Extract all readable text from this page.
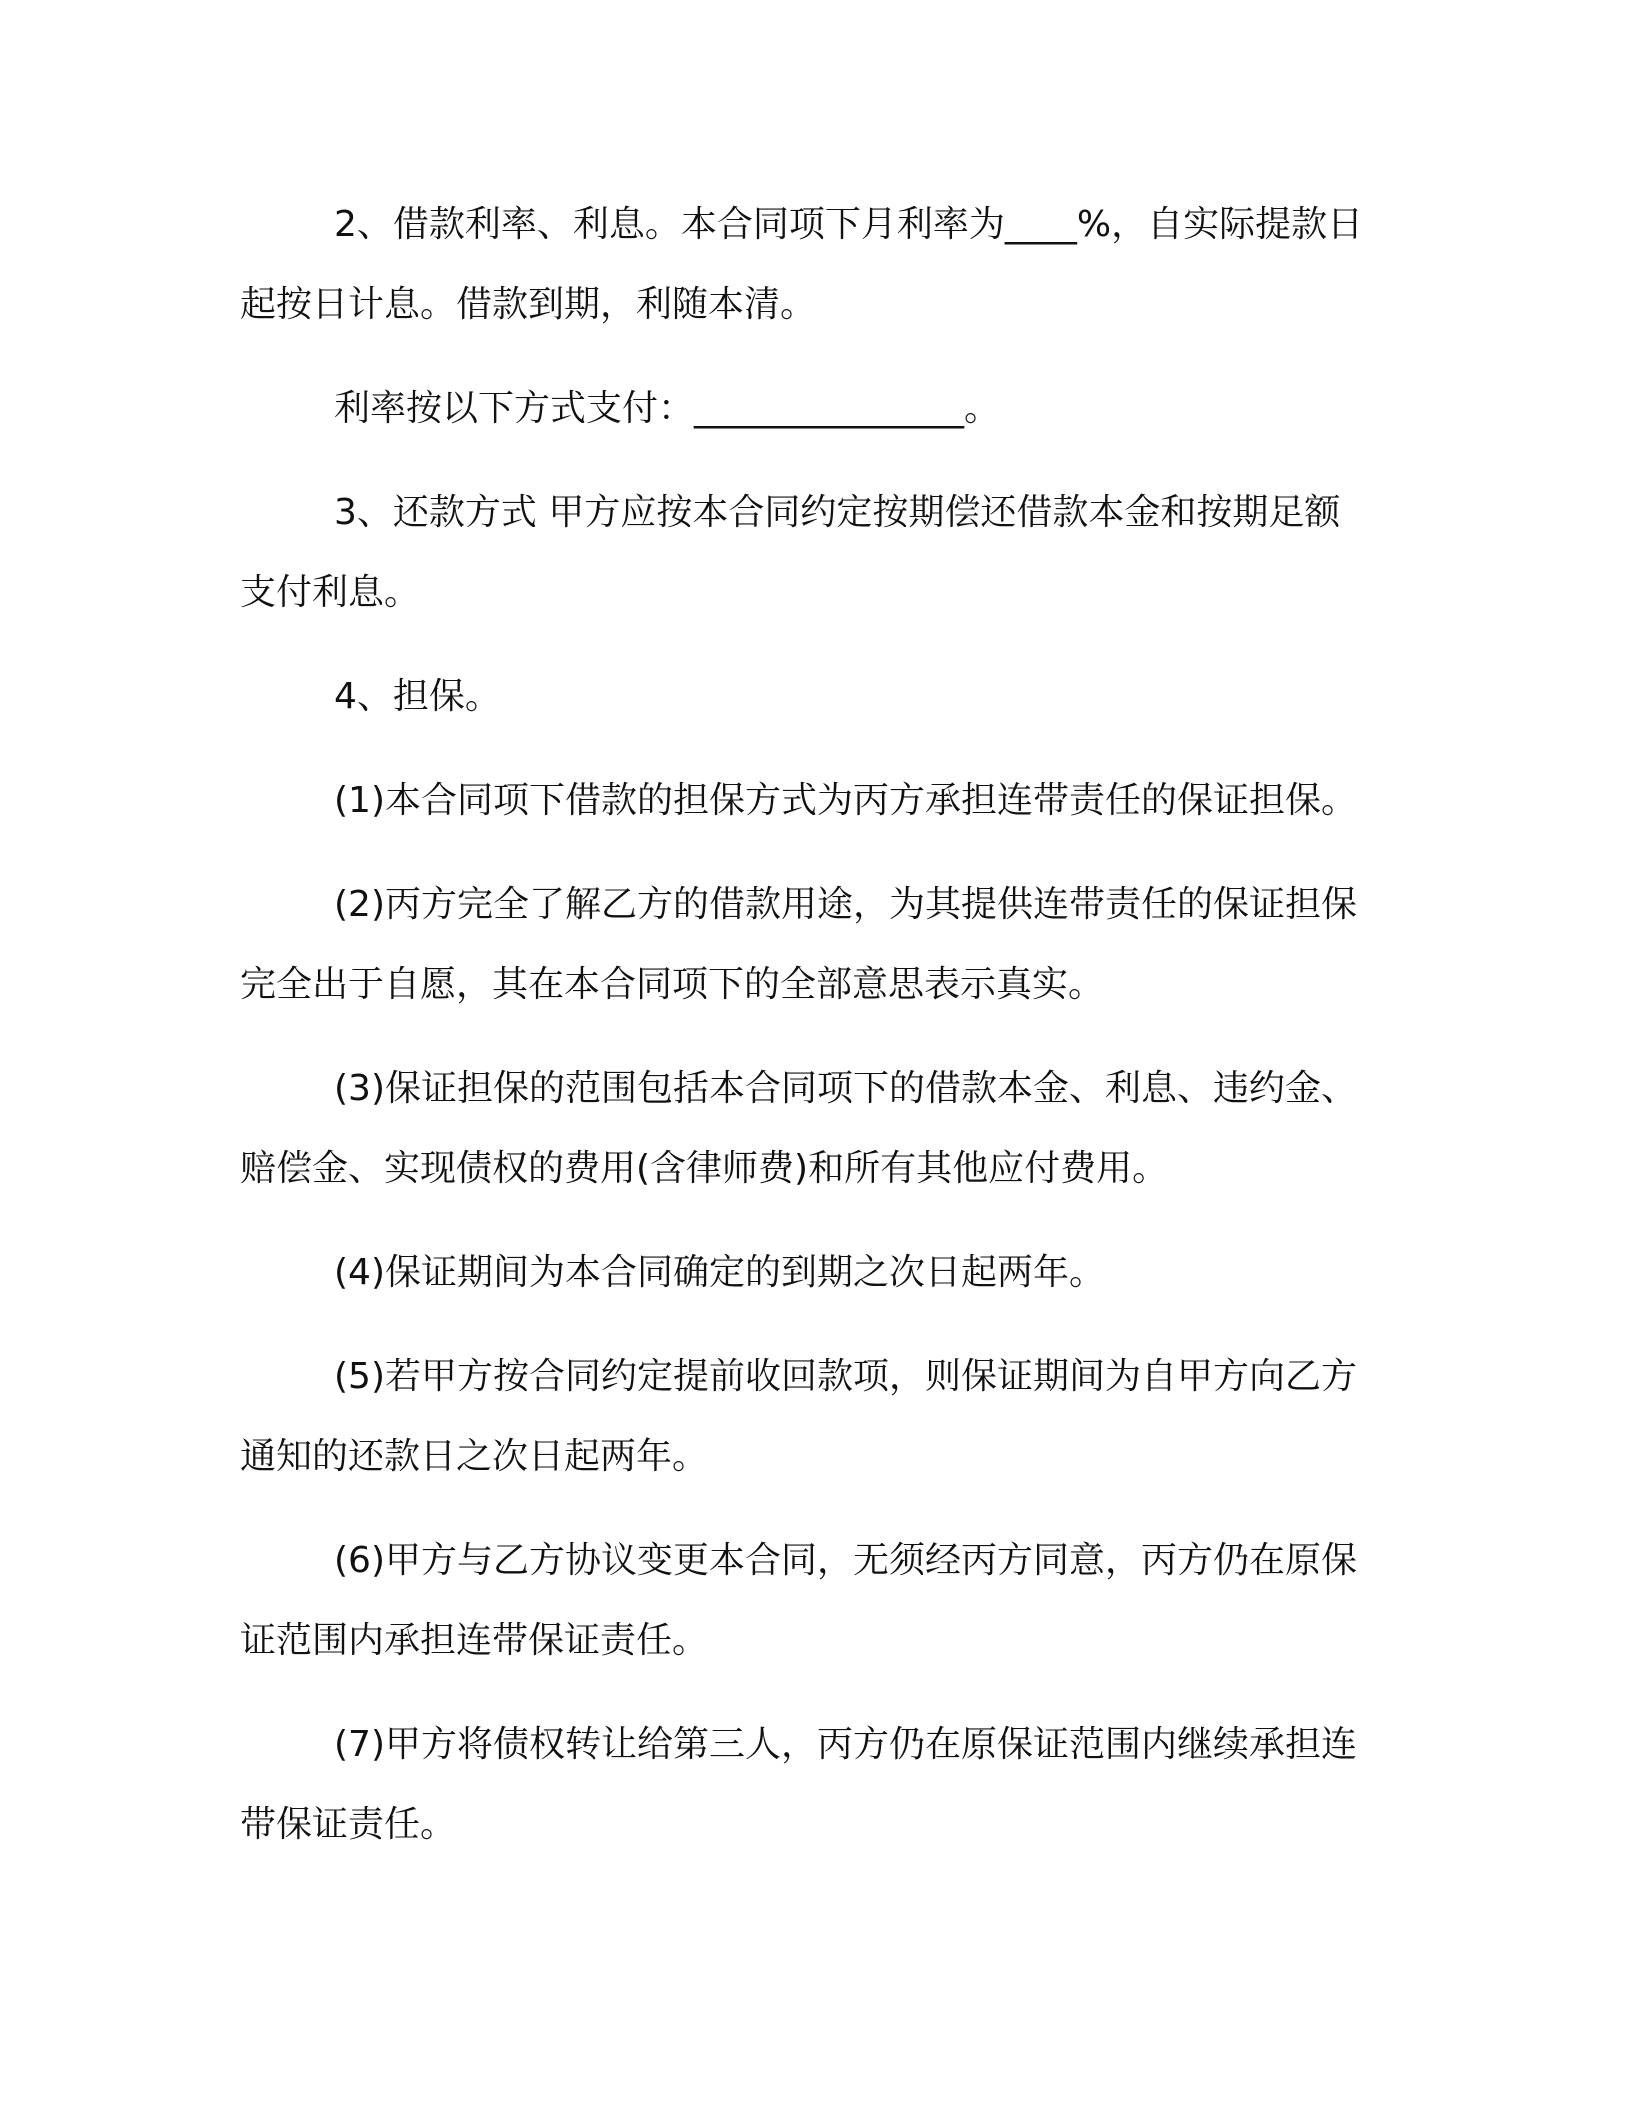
2、借款利率、利息。本合同项下月利率为____%，自实际提款日起按日计息。借款到期，利随本清。

利率按以下方式支付：_______________。

3、还款方式 甲方应按本合同约定按期偿还借款本金和按期足额支付利息。

4、担保。

(1)本合同项下借款的担保方式为丙方承担连带责任的保证担保。

(2)丙方完全了解乙方的借款用途，为其提供连带责任的保证担保完全出于自愿，其在本合同项下的全部意思表示真实。

(3)保证担保的范围包括本合同项下的借款本金、利息、违约金、赔偿金、实现债权的费用(含律师费)和所有其他应付费用。

(4)保证期间为本合同确定的到期之次日起两年。

(5)若甲方按合同约定提前收回款项，则保证期间为自甲方向乙方通知的还款日之次日起两年。

(6)甲方与乙方协议变更本合同，无须经丙方同意，丙方仍在原保证范围内承担连带保证责任。

(7)甲方将债权转让给第三人，丙方仍在原保证范围内继续承担连带保证责任。
